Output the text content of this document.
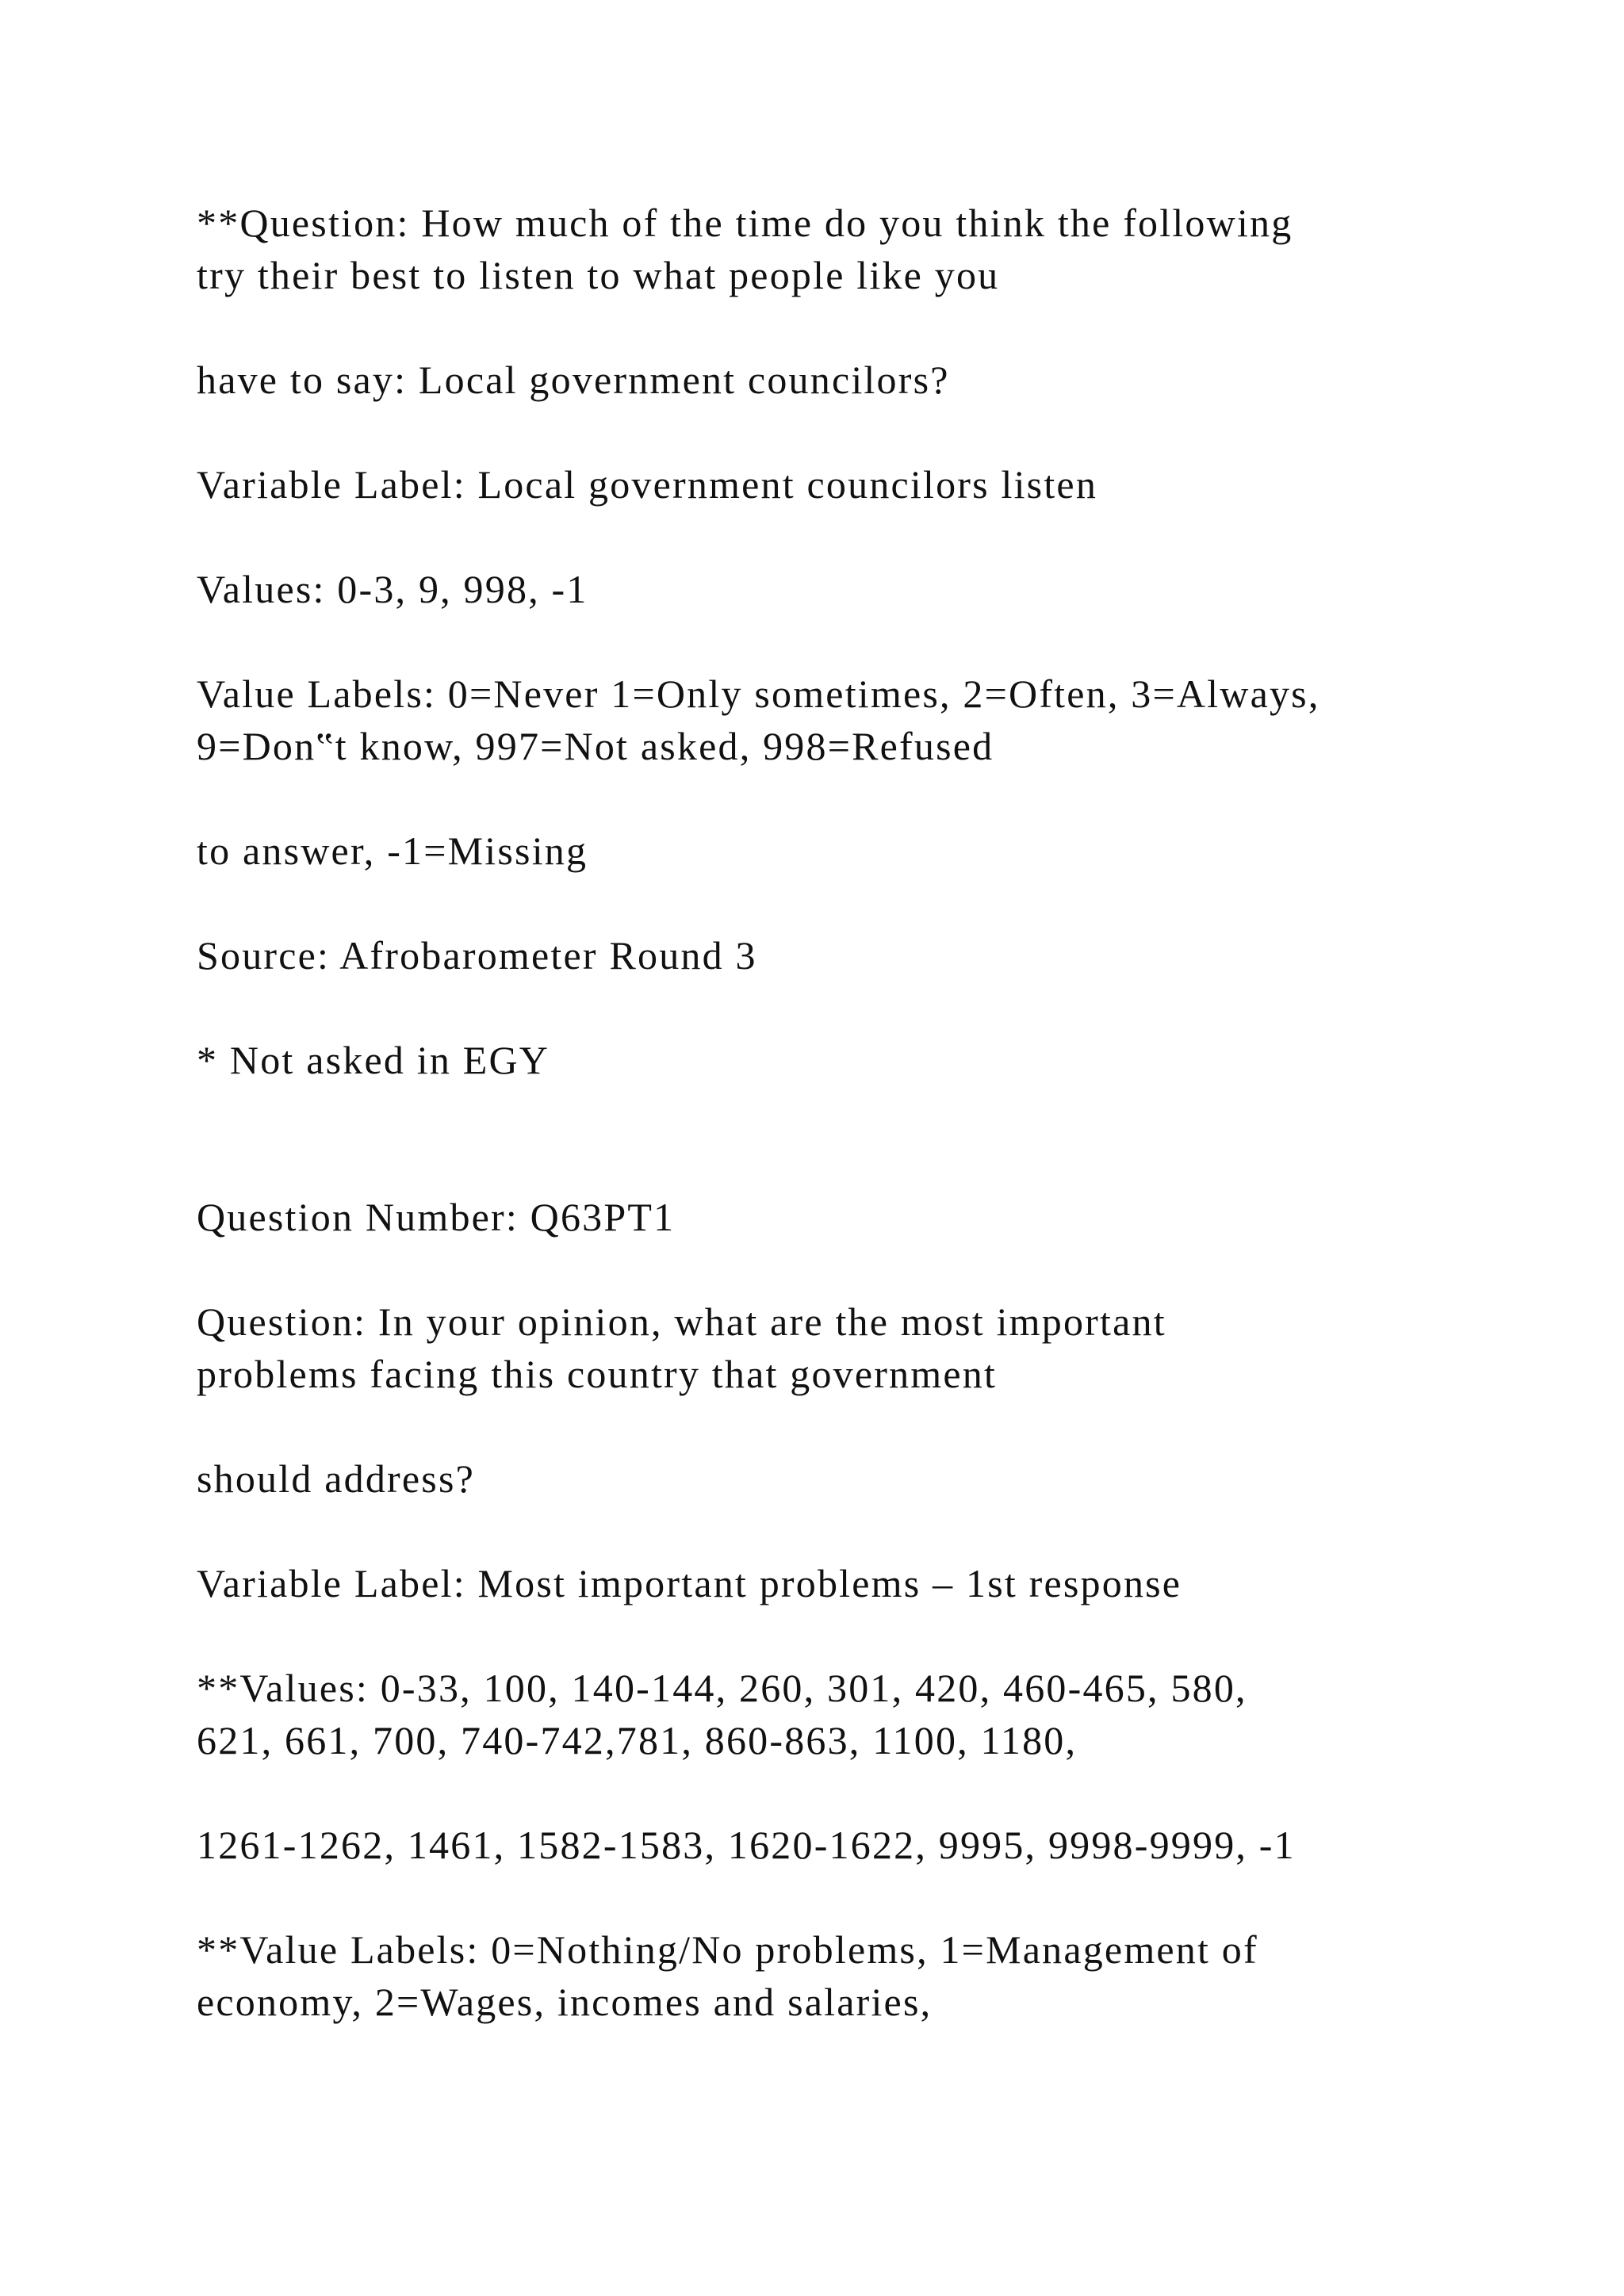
**Question: How much of the time do you think the following
try their best to listen to what people like you

have to say: Local government councilors?

Variable Label: Local government councilors listen

Values: 0-3, 9, 998, -1

Value Labels: 0=Never 1=Only sometimes, 2=Often, 3=Always,
9=Don‟t know, 997=Not asked, 998=Refused

to answer, -1=Missing

Source: Afrobarometer Round 3

* Not asked in EGY

Question Number: Q63PT1

Question: In your opinion, what are the most important
problems facing this country that government

should address?

Variable Label: Most important problems – 1st response

**Values: 0-33, 100, 140-144, 260, 301, 420, 460-465, 580,
621, 661, 700, 740-742,781, 860-863, 1100, 1180,

1261-1262, 1461, 1582-1583, 1620-1622, 9995, 9998-9999, -1

**Value Labels: 0=Nothing/No problems, 1=Management of
economy, 2=Wages, incomes and salaries,
